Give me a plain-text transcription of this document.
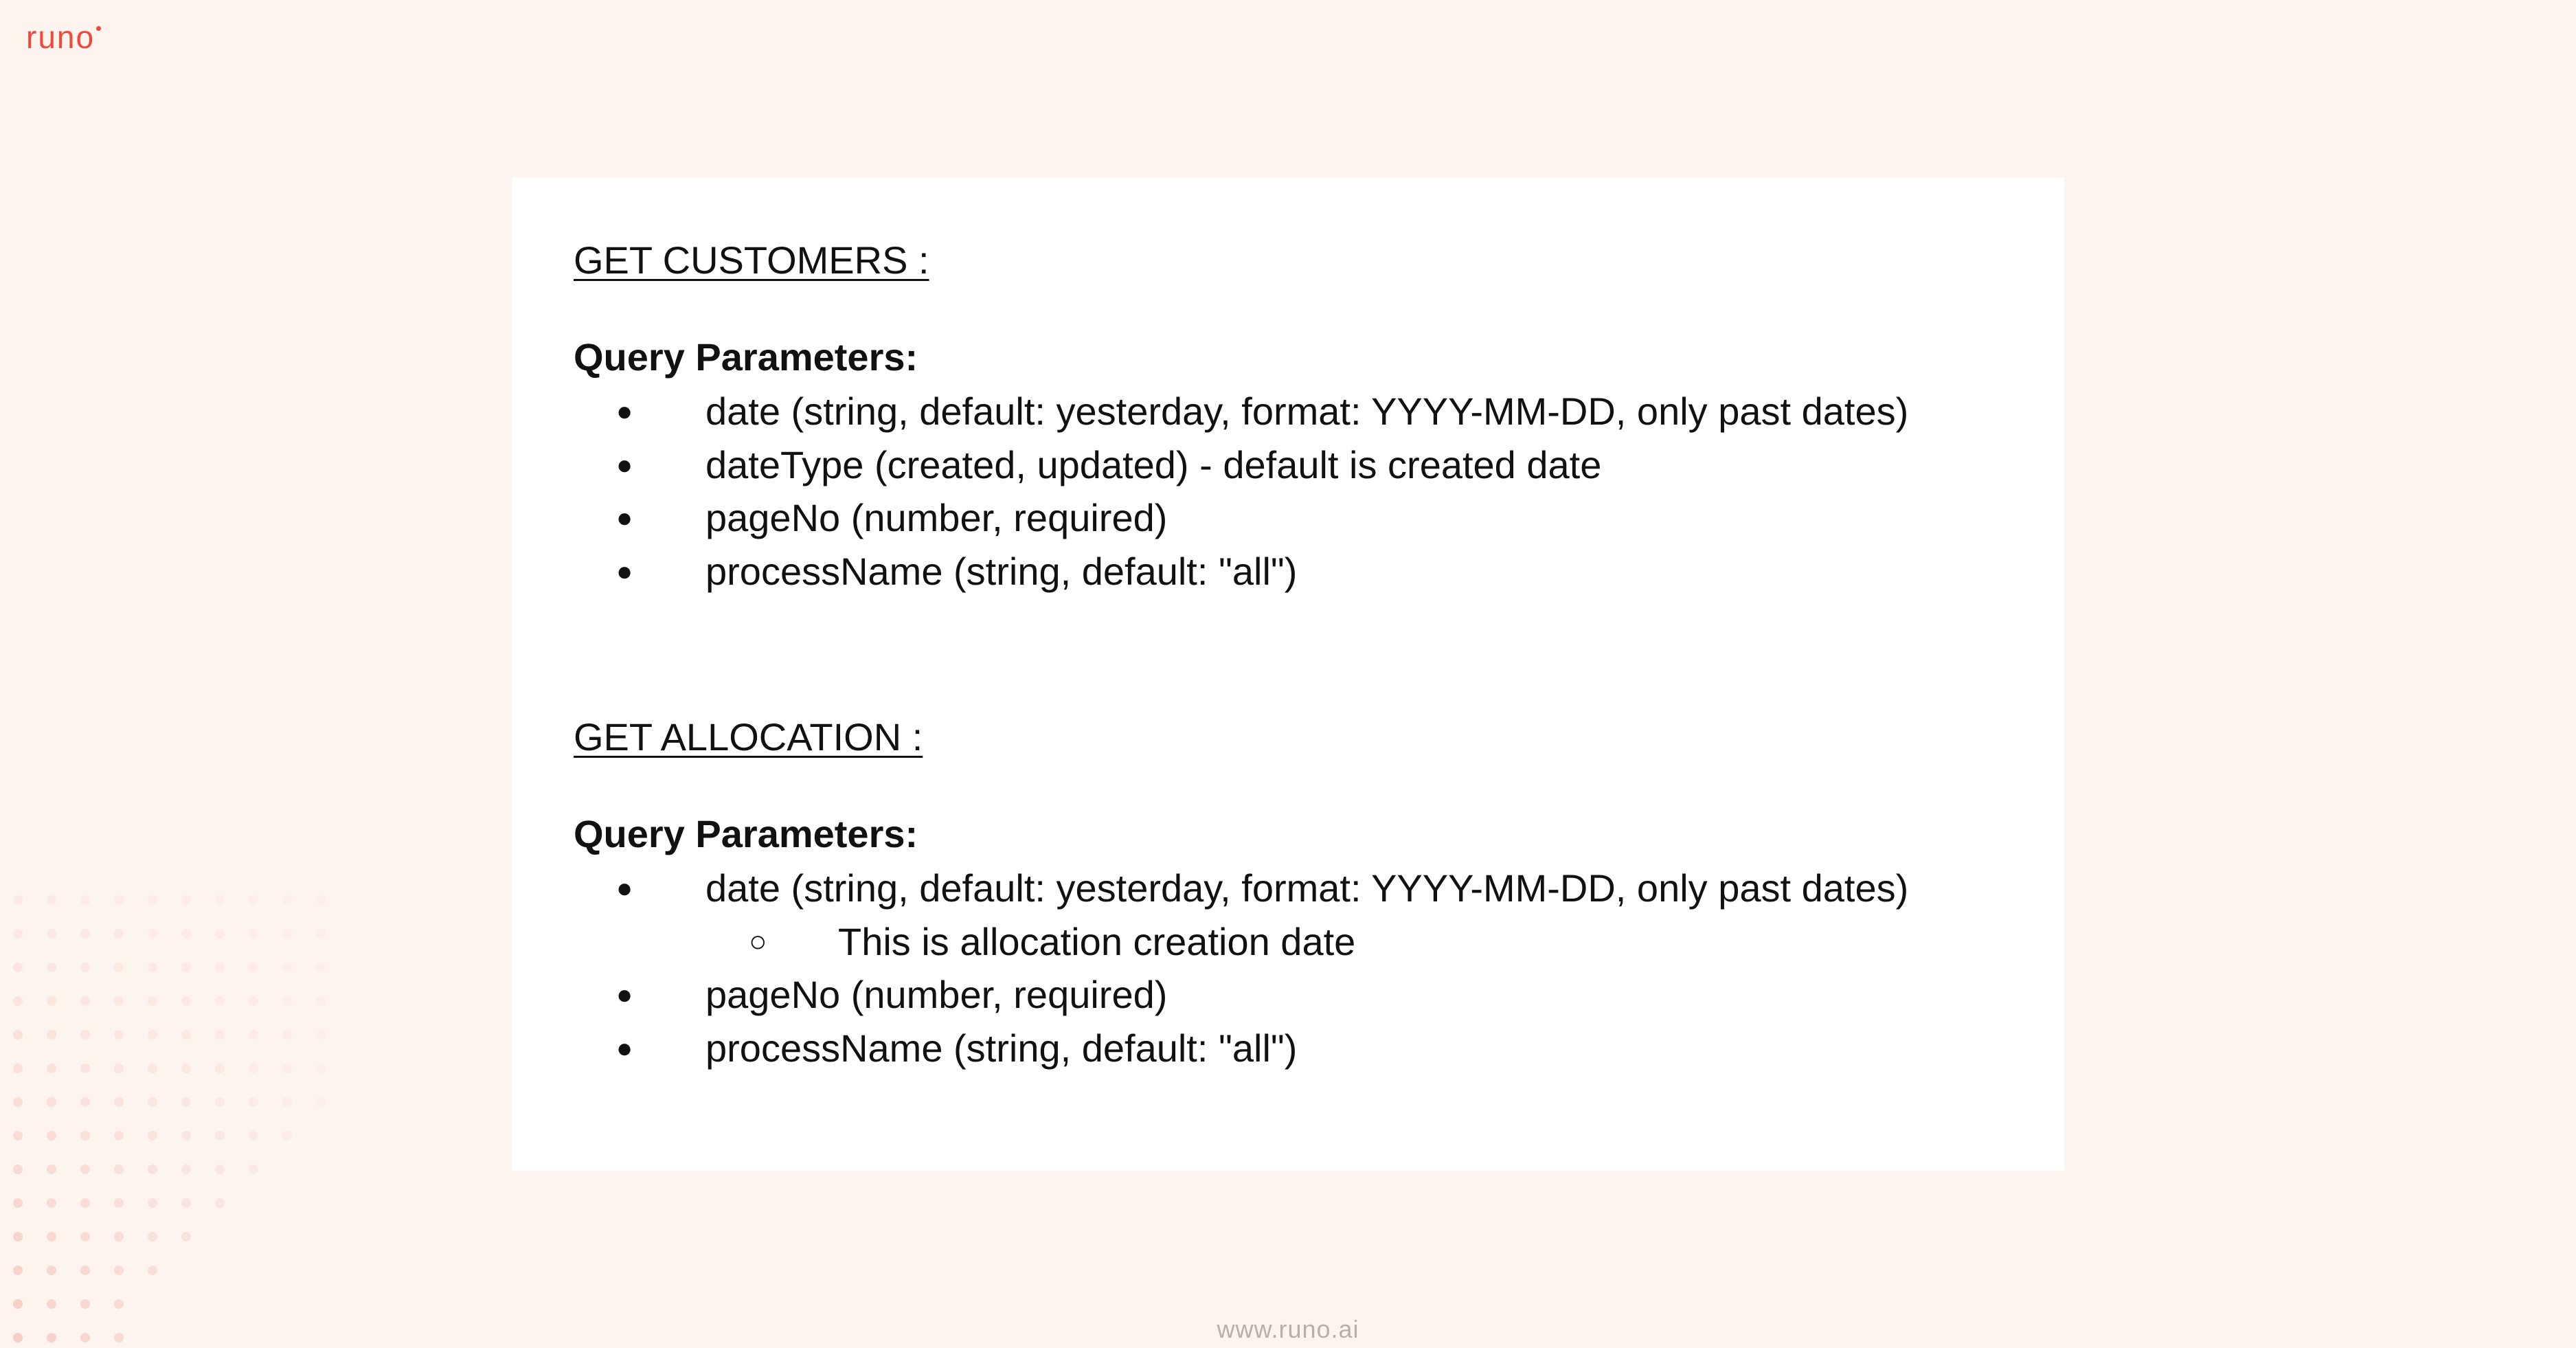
runo
GET CUSTOMERS :
Query Parameters:
● date (string, default: yesterday, format: YYYY-MM-DD, only past dates)
● dateType (created, updated) - default is created date
● pageNo (number, required)
● processName (string, default: "all")
GET ALLOCATION :
Query Parameters:
● date (string, default: yesterday, format: YYYY-MM-DD, only past dates)
○ This is allocation creation date
● pageNo (number, required)
● processName (string, default: "all")
www.runo.ai
